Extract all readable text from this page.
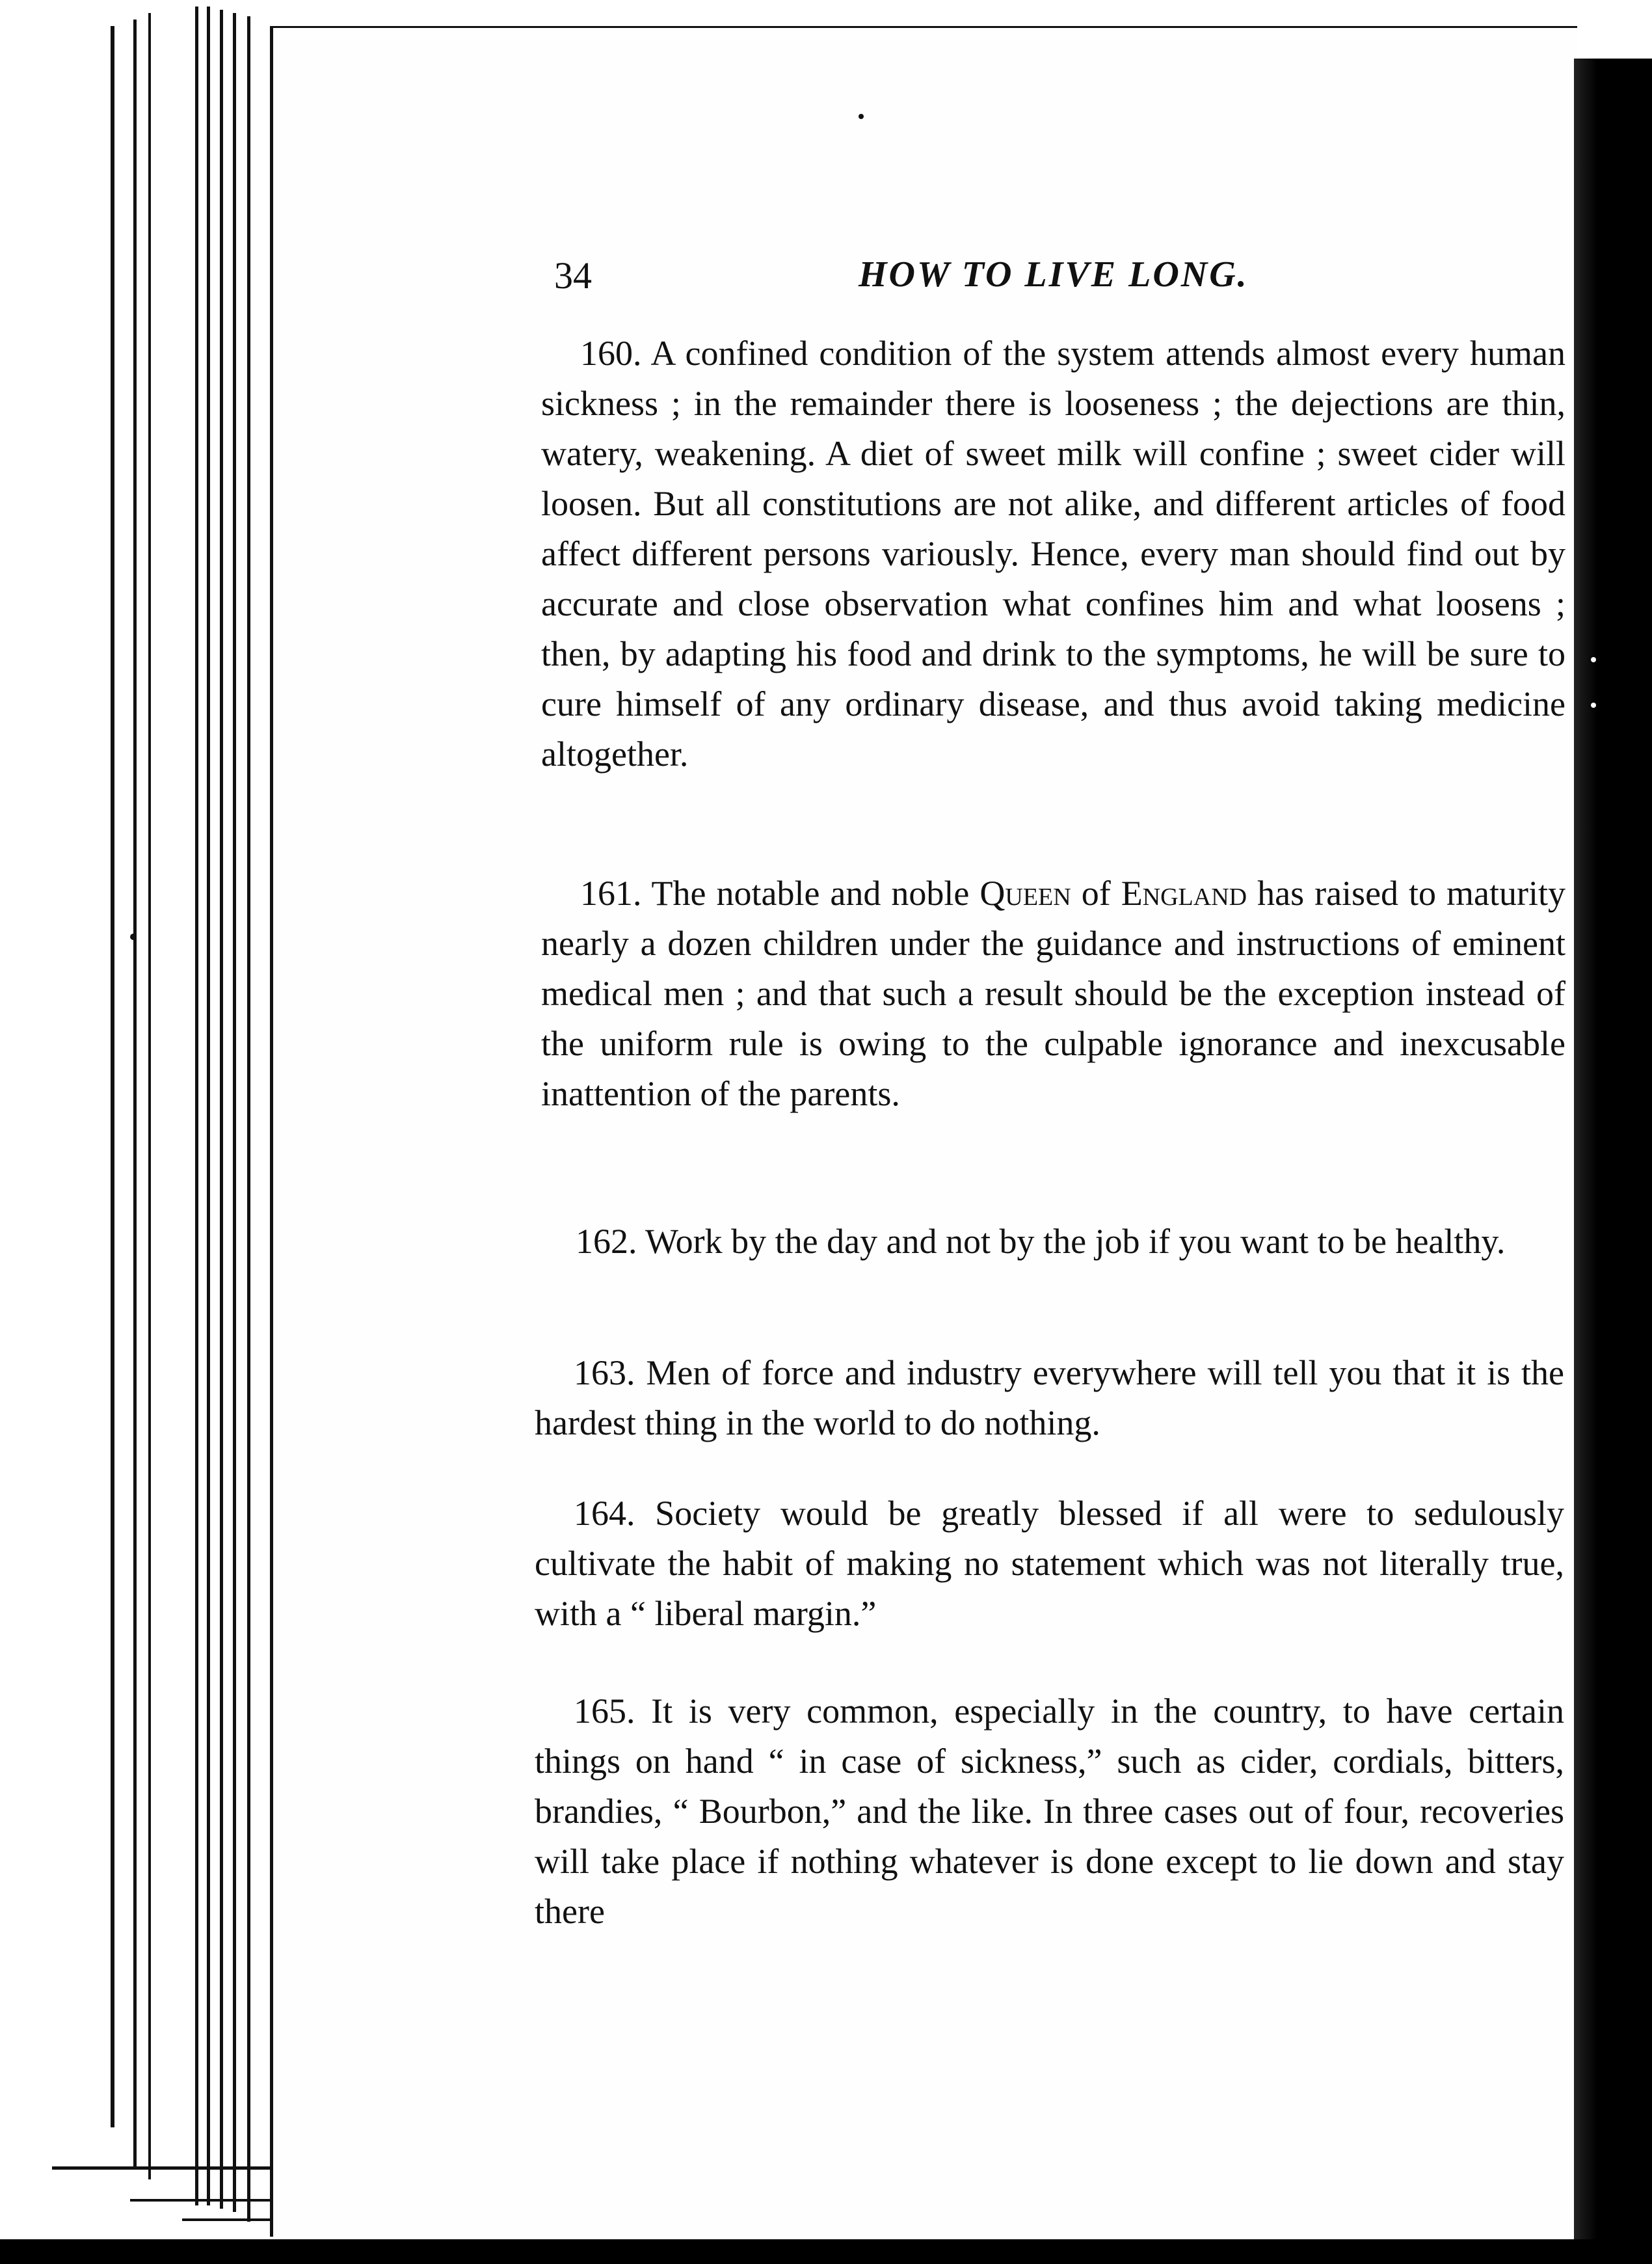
34	HOW TO LIVE LONG.

160. A confined condition of the system attends almost every human sickness ; in the remainder there is looseness ; the dejections are thin, watery, weakening. A diet of sweet milk will confine ; sweet cider will loosen. But all constitutions are not alike, and different articles of food affect different persons variously. Hence, every man should find out by accurate and close observation what confines him and what loosens ; then, by adapting his food and drink to the symptoms, he will be sure to cure himself of any ordinary disease, and thus avoid taking medicine altogether.

161. The notable and noble Queen of England has raised to maturity nearly a dozen children under the guidance and instructions of eminent medical men ; and that such a result should be the exception instead of the uniform rule is owing to the culpable ignorance and inexcusable inattention of the parents.

162. Work by the day and not by the job if you want to be healthy.

163. Men of force and industry everywhere will tell you that it is the hardest thing in the world to do nothing.

164. Society would be greatly blessed if all were to sedulously cultivate the habit of making no statement which was not literally true, with a “ liberal margin.”

165. It is very common, especially in the country, to have certain things on hand “ in case of sickness,” such as cider, cordials, bitters, brandies, “ Bourbon,” and the like. In three cases out of four, recoveries will take place if nothing whatever is done except to lie down and stay there
